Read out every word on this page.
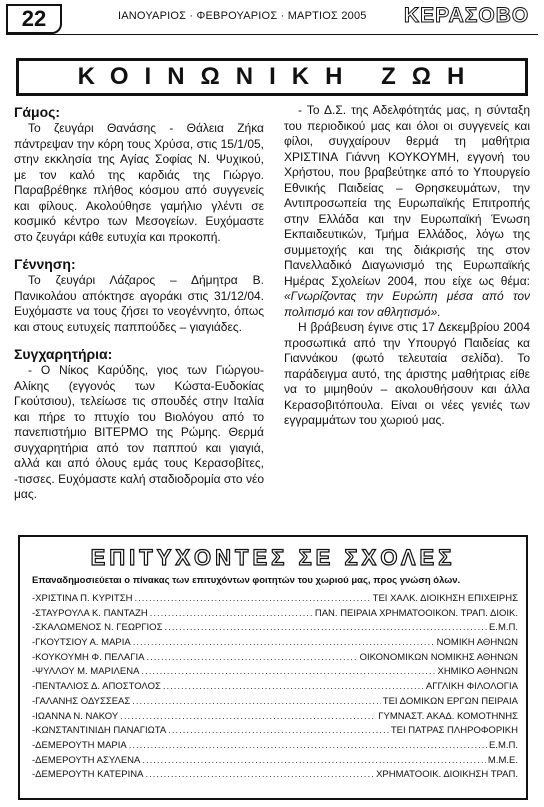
22	ΙΑΝΟΥΑΡΙΟΣ · ΦΕΒΡΟΥΑΡΙΟΣ · ΜΑΡΤΙΟΣ 2005 ΚΕΡΑΣΟΒΟ
ΚΟΙΝΩΝΙΚΗ ΖΩΗ
Γάμος:

Το ζευγάρι Θανάσης - Θάλεια Ζήκα πάντρεψαν την κόρη τους Χρύσα, στις 15/1/05, στην εκκλησία της Αγίας Σοφίας Ν. Ψυχικού, με τον καλό της καρδιάς της Γιώργο. Παραβρέθηκε πλήθος κόσμου από συγγενείς και φίλους. Ακολούθησε γαμήλιο γλέντι σε κοσμικό κέντρο των Μεσογείων. Ευχόμαστε στο ζευγάρι κάθε ευτυχία και προκοπή.

Γέννηση:

Το ζευγάρι Λάζαρος – Δήμητρα Β. Πανικολάου απόκτησε αγοράκι στις 31/12/04. Ευχόμαστε να τους ζήσει το νεογέννητο, όπως και στους ευτυχείς παππούδες – γιαγιάδες.

Συγχαρητήρια:

- Ο Νίκος Καρύδης, γιος των Γιώργου-Αλίκης (εγγονός των Κώστα-Ευδοκίας Γκούτσιου), τελείωσε τις σπουδές στην Ιταλία και πήρε το πτυχίο του Βιολόγου από το πανεπιστήμιο ΒΙΤΕΡΜΟ της Ρώμης. Θερμά συγχαρητήρια από τον παππού και γιαγιά, αλλά και από όλους εμάς τους Κερασοβίτες, -τισσες. Ευχόμαστε καλή σταδιοδρομία στο νέο μας.

- Το Δ.Σ. της Αδελφότητάς μας, η σύνταξη του περιοδικού μας και όλοι οι συγγενείς και φίλοι, συγχαίρουν θερμά τη μαθήτρια ΧΡΙΣΤΙΝΑ Γιάννη ΚΟΥΚΟΥΜΗ, εγγονή του Χρήστου, που βραβεύτηκε από το Υπουργείο Εθνικής Παιδείας – Θρησκευμάτων, την Αντιπροσωπεία της Ευρωπαϊκής Επιτροπής στην Ελλάδα και την Ευρωπαϊκή Ένωση Εκπαιδευτικών, Τμήμα Ελλάδος, λόγω της συμμετοχής και της διάκρισής της στον Πανελλαδικό Διαγωνισμό της Ευρωπαϊκής Ημέρας Σχολείων 2004, που είχε ως θέμα: «Γνωρίζοντας την Ευρώπη μέσα από τον πολιτισμό και τον αθλητισμό».

Η βράβευση έγινε στις 17 Δεκεμβρίου 2004 προσωπικά από την Υπουργό Παιδείας κα Γιαννάκου (φωτό τελευταία σελίδα). Το παράδειγμα αυτό, της άριστης μαθήτριας είθε να το μιμηθούν – ακολουθήσουν και άλλα Κερασοβιτόπουλα. Είναι οι νέες γενιές των εγγραμμάτων του χωριού μας.

ΕΠΙΤΥΧΟΝΤΕΣ ΣΕ ΣΧΟΛΕΣ
Επαναδημοσιεύεται ο πίνακας των επιτυχόντων φοιτητών του χωριού μας, προς γνώση όλων.
-ΧΡΙΣΤΙΝΑ Π. ΚΥΡΙΤΣΗ .....	ΤΕΙ ΧΑΛΚ. ΔΙΟΙΚΗΣΗ ΕΠΙΧΕΙΡΗΣ
-ΣΤΑΥΡΟΥΛΑ Κ. ΠΑΝΤΑΖΗ .....	ΠΑΝ. ΠΕΙΡΑΙΑ ΧΡΗΜΑΤΟΟΙΚΟΝ. ΤΡΑΠ. ΔΙΟΙΚ.
-ΣΚΑΛΩΜΕΝΟΣ Ν. ΓΕΩΡΓΙΟΣ .....	Ε.Μ.Π.
-ΓΚΟΥΤΣΙΟΥ Α. ΜΑΡΙΑ .....	ΝΟΜΙΚΗ ΑΘΗΝΩΝ
-ΚΟΥΚΟΥΜΗ Φ. ΠΕΛΑΓΙΑ .....	ΟΙΚΟΝΟΜΙΚΩΝ ΝΟΜΙΚΗΣ ΑΘΗΝΩΝ
-ΨΥΛΛΟΥ Μ. ΜΑΡΙΛΕΝΑ .....	ΧΗΜΙΚΟ ΑΘΗΝΩΝ
-ΠΕΝΤΑΛΙΟΣ Δ. ΑΠΟΣΤΟΛΟΣ .....	ΑΓΓΛΙΚΗ ΦΙΛΟΛΟΓΙΑ
-ΓΑΛΑΝΗΣ ΟΔΥΣΣΕΑΣ .....	ΤΕΙ ΔΟΜΙΚΩΝ ΕΡΓΩΝ ΠΕΙΡΑΙΑ
-ΙΩΑΝΝΑ Ν. ΝΑΚΟΥ .....	ΓΥΜΝΑΣΤ. ΑΚΑΔ. ΚΟΜΟΤΗΝΗΣ
-ΚΩΝΣΤΑΝΤΙΝΙΔΗ ΠΑΝΑΓΙΩΤΑ .....	ΤΕΙ ΠΑΤΡΑΣ ΠΛΗΡΟΦΟΡΙΚΗ
-ΔΕΜΕΡΟΥΤΗ ΜΑΡΙΑ .....	Ε.Μ.Π.
-ΔΕΜΕΡΟΥΤΗ ΑΣΥΛΕΝΑ .....	Μ.Μ.Ε.
-ΔΕΜΕΡΟΥΤΗ ΚΑΤΕΡΙΝΑ .....	ΧΡΗΜΑΤΟΟΙΚ. ΔΙΟΙΚΗΣΗ ΤΡΑΠ.
